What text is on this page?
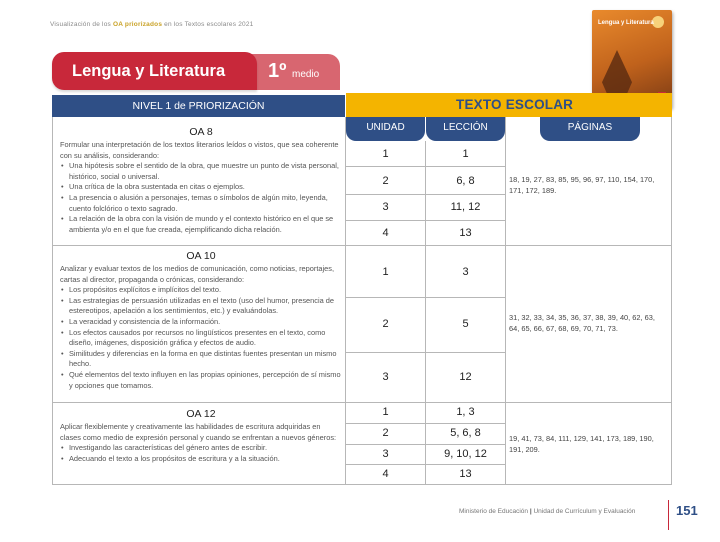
Visualización de los OA priorizados en los Textos escolares 2021
1º medio
Lengua y Literatura
Lengua y Literatura
NIVEL 1 de PRIORIZACIÓN	TEXTO ESCOLAR
UNIDAD	LECCIÓN	PÁGINAS
OA 8
Formular una interpretación de los textos literarios leídos o vistos, que sea coherente con su análisis, considerando:
• Una hipótesis sobre el sentido de la obra, que muestre un punto de vista personal, histórico, social o universal.
• Una crítica de la obra sustentada en citas o ejemplos.
• La presencia o alusión a personajes, temas o símbolos de algún mito, leyenda, cuento folclórico o texto sagrado.
• La relación de la obra con la visión de mundo y el contexto histórico en el que se ambienta y/o en el que fue creada, ejemplificando dicha relación.
1	1
2	6, 8
3	11, 12
4	13
18, 19, 27, 83, 85, 95, 96, 97, 110, 154, 170, 171, 172, 189.
OA 10
Analizar y evaluar textos de los medios de comunicación, como noticias, reportajes, cartas al director, propaganda o crónicas, considerando:
• Los propósitos explícitos e implícitos del texto.
• Las estrategias de persuasión utilizadas en el texto (uso del humor, presencia de estereotipos, apelación a los sentimientos, etc.) y evaluándolas.
• La veracidad y consistencia de la información.
• Los efectos causados por recursos no lingüísticos presentes en el texto, como diseño, imágenes, disposición gráfica y efectos de audio.
• Similitudes y diferencias en la forma en que distintas fuentes presentan un mismo hecho.
• Qué elementos del texto influyen en las propias opiniones, percepción de sí mismo y opciones que tomamos.
1	3
2	5
3	12
31, 32, 33, 34, 35, 36, 37, 38, 39, 40, 62, 63, 64, 65, 66, 67, 68, 69, 70, 71, 73.
OA 12
Aplicar flexiblemente y creativamente las habilidades de escritura adquiridas en clases como medio de expresión personal y cuando se enfrentan a nuevos géneros:
• Investigando las características del género antes de escribir.
• Adecuando el texto a los propósitos de escritura y a la situación.
1	1, 3
2	5, 6, 8
3	9, 10, 12
4	13
19, 41, 73, 84, 111, 129, 141, 173, 189, 190, 191, 209.
Ministerio de Educación | Unidad de Currículum y Evaluación	151
